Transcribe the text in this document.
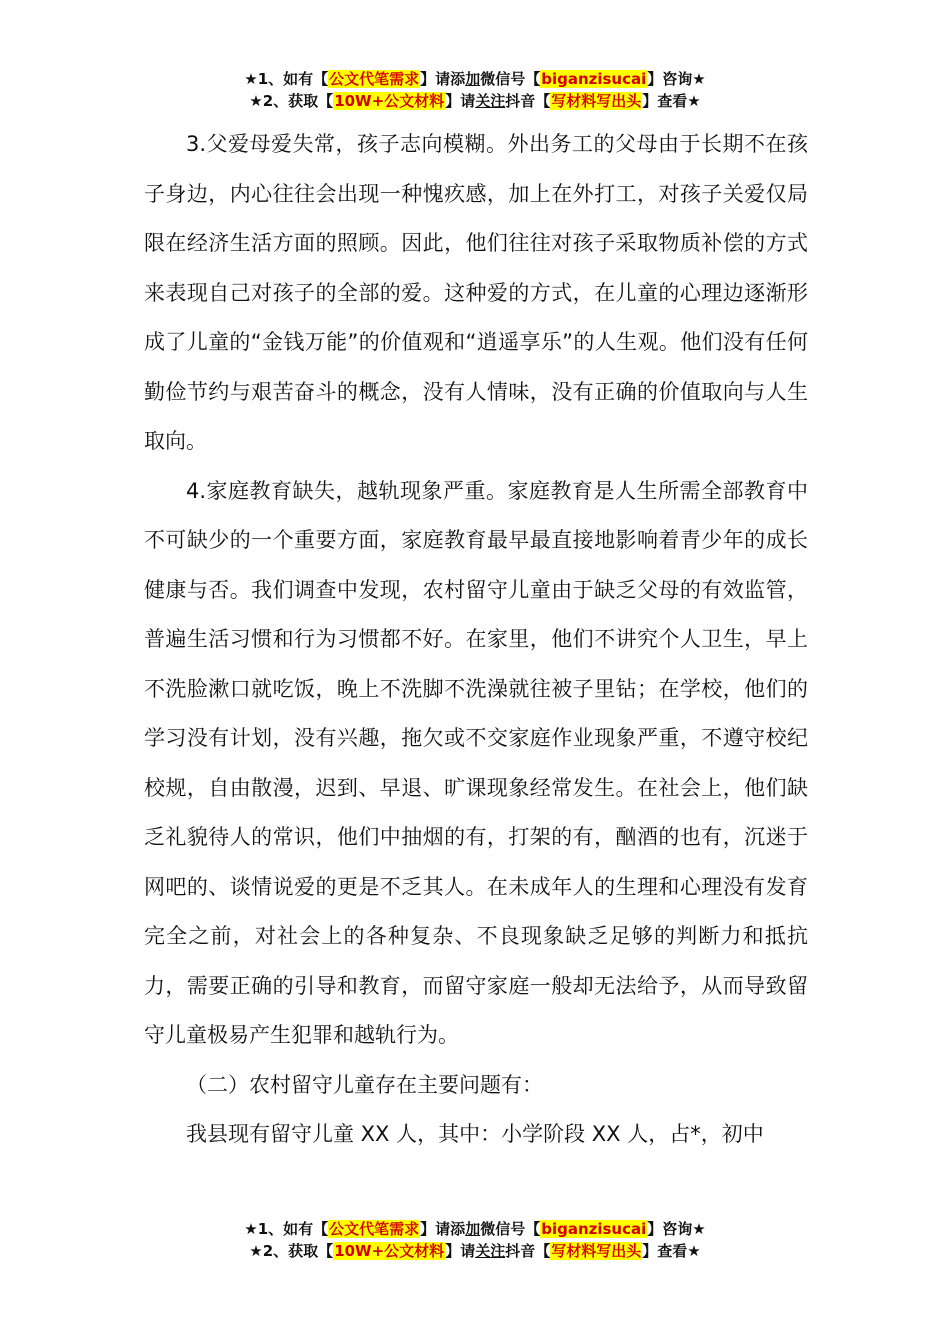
★1、如有【公文代笔需求】请添加微信号【biganzisucai】咨询★
★2、获取【10W+公文材料】请关注抖音【写材料写出头】查看★

3.父爱母爱失常，孩子志向模糊。外出务工的父母由于长期不在孩子身边，内心往往会出现一种愧疚感，加上在外打工，对孩子关爱仅局限在经济生活方面的照顾。因此，他们往往对孩子采取物质补偿的方式来表现自己对孩子的全部的爱。这种爱的方式，在儿童的心理边逐渐形成了儿童的“金钱万能”的价值观和“逍遥享乐”的人生观。他们没有任何勤俭节约与艰苦奋斗的概念，没有人情味，没有正确的价值取向与人生取向。

4.家庭教育缺失，越轨现象严重。家庭教育是人生所需全部教育中不可缺少的一个重要方面，家庭教育最早最直接地影响着青少年的成长健康与否。我们调查中发现，农村留守儿童由于缺乏父母的有效监管，普遍生活习惯和行为习惯都不好。在家里，他们不讲究个人卫生，早上不洗脸漱口就吃饭，晚上不洗脚不洗澡就往被子里钻；在学校，他们的学习没有计划，没有兴趣，拖欠或不交家庭作业现象严重，不遵守校纪校规，自由散漫，迟到、早退、旷课现象经常发生。在社会上，他们缺乏礼貌待人的常识，他们中抽烟的有，打架的有，酗酒的也有，沉迷于网吧的、谈情说爱的更是不乏其人。在未成年人的生理和心理没有发育完全之前，对社会上的各种复杂、不良现象缺乏足够的判断力和抵抗力，需要正确的引导和教育，而留守家庭一般却无法给予，从而导致留守儿童极易产生犯罪和越轨行为。

（二）农村留守儿童存在主要问题有：

我县现有留守儿童 XX 人，其中：小学阶段 XX 人，占*，初中

★1、如有【公文代笔需求】请添加微信号【biganzisucai】咨询★
★2、获取【10W+公文材料】请关注抖音【写材料写出头】查看★
